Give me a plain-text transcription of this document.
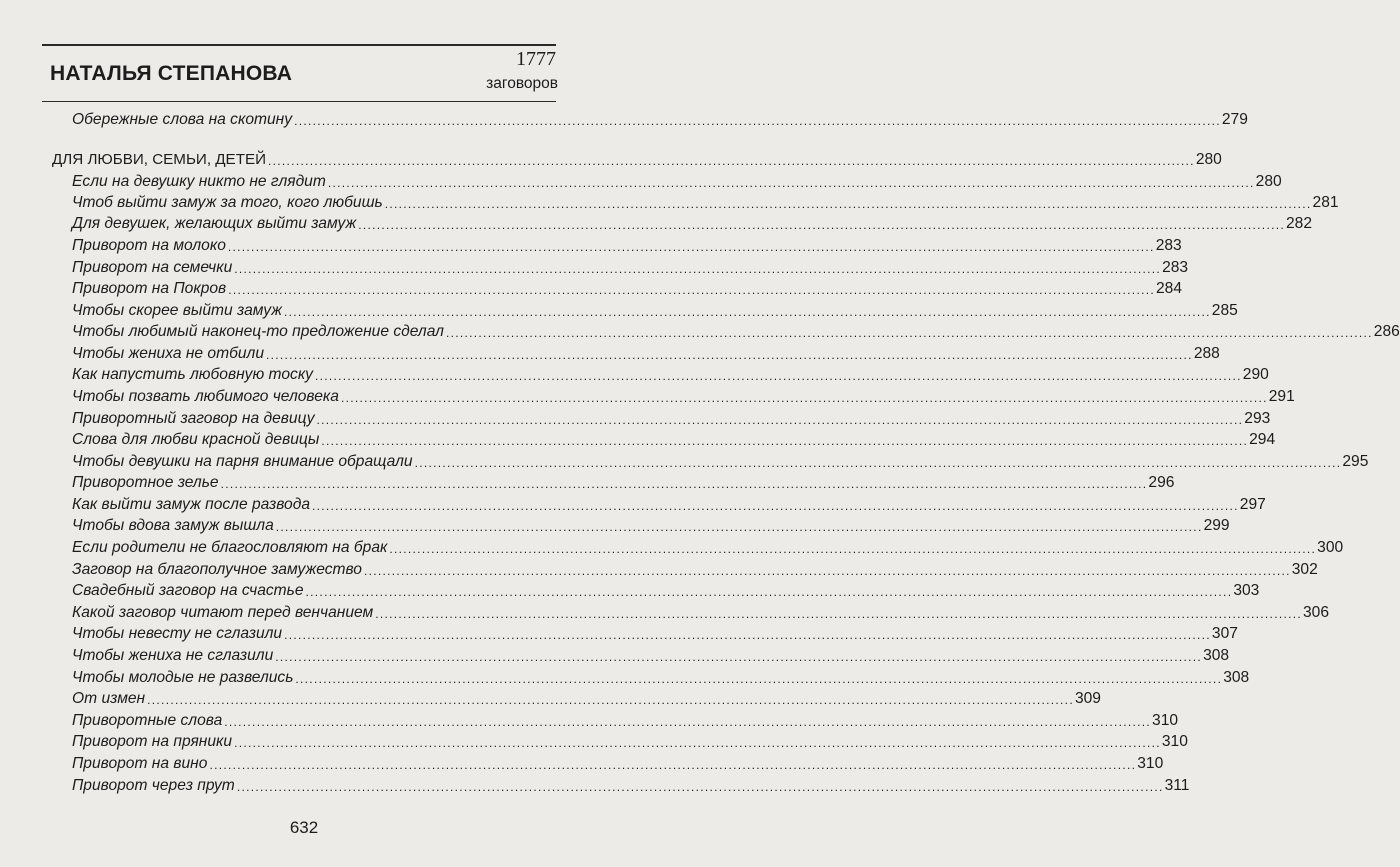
НАТАЛЬЯ СТЕПАНОВА
1777
заговоров
Обережные слова на скотину ........................................................................................................................................................................................................ 279
ДЛЯ ЛЮБВИ, СЕМЬИ, ДЕТЕЙ ........................................................................................................................................................................................................ 280
Если на девушку никто не глядит ........................................................................................................................................................................................................ 280
Чтоб выйти замуж за того, кого любишь ........................................................................................................................................................................................................ 281
Для девушек, желающих выйти замуж ........................................................................................................................................................................................................ 282
Приворот на молоко ........................................................................................................................................................................................................ 283
Приворот на семечки ........................................................................................................................................................................................................ 283
Приворот на Покров ........................................................................................................................................................................................................ 284
Чтобы скорее выйти замуж ........................................................................................................................................................................................................ 285
Чтобы любимый наконец-то предложение сделал ........................................................................................................................................................................................................ 286
Чтобы жениха не отбили ........................................................................................................................................................................................................ 288
Как напустить любовную тоску ........................................................................................................................................................................................................ 290
Чтобы позвать любимого человека ........................................................................................................................................................................................................ 291
Приворотный заговор на девицу ........................................................................................................................................................................................................ 293
Слова для любви красной девицы ........................................................................................................................................................................................................ 294
Чтобы девушки на парня внимание обращали ........................................................................................................................................................................................................ 295
Приворотное зелье ........................................................................................................................................................................................................ 296
Как выйти замуж после развода ........................................................................................................................................................................................................ 297
Чтобы вдова замуж вышла ........................................................................................................................................................................................................ 299
Если родители не благословляют на брак ........................................................................................................................................................................................................ 300
Заговор на благополучное замужество ........................................................................................................................................................................................................ 302
Свадебный заговор на счастье ........................................................................................................................................................................................................ 303
Какой заговор читают перед венчанием ........................................................................................................................................................................................................ 306
Чтобы невесту не сглазили ........................................................................................................................................................................................................ 307
Чтобы жениха не сглазили ........................................................................................................................................................................................................ 308
Чтобы молодые не развелись ........................................................................................................................................................................................................ 308
От измен ........................................................................................................................................................................................................ 309
Приворотные слова ........................................................................................................................................................................................................ 310
Приворот на пряники ........................................................................................................................................................................................................ 310
Приворот на вино ........................................................................................................................................................................................................ 310
Приворот через прут ........................................................................................................................................................................................................ 311
632
